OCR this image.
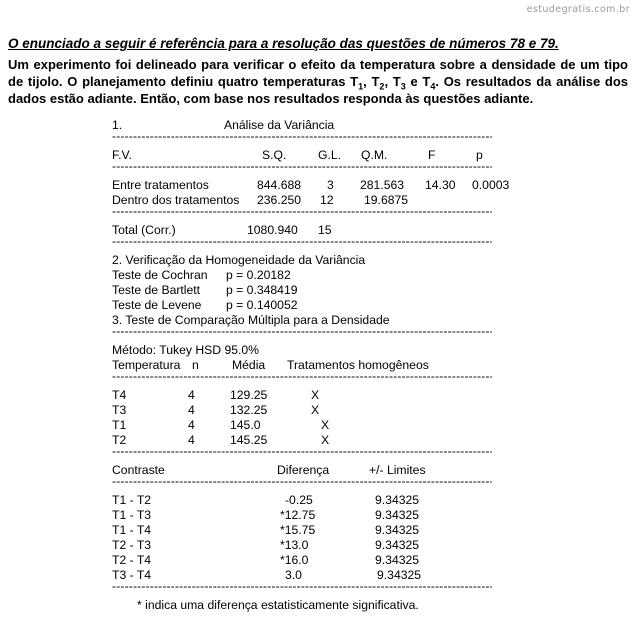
estudegratis.com.br
O enunciado a seguir é referência para a resolução das questões de números 78 e 79.

Um experimento foi delineado para verificar o efeito da temperatura sobre a densidade de um tipo de tijolo. O planejamento definiu quatro temperaturas $T_1$, $T_2$, $T_3$ e $T_4$. Os resultados da análise dos dados estão adiante. Então, com base nos resultados responda às questões adiante.

1.	Análise da Variância
-----
F.V.	S.Q.	G.L. Q.M.	F	p
-----
Entre tratamentos	844.688 3 281.563 14.30 0.0003
Dentro dos tratamentos 236.250 12 19.6875
-----
Total (Corr.)	1080.940 15
-----
2. Verificação da Homogeneidade da Variância
Teste de Cochran p = 0.20182
Teste de Bartlett p = 0.348419
Teste de Levene p = 0.140052
3. Teste de Comparação Múltipla para a Densidade
-----
Método: Tukey HSD 95.0%
Temperatura n	Média Tratamentos homogêneos
-----
T4	4	129.25	X
T3	4	132.25	X
T1	4	145.0	X
T2	4	145.25	X
-----
Contraste	Diferença	+/- Limites
-----
T1 - T2	-0.25	9.34325
T1 - T3	*12.75	9.34325
T1 - T4	*15.75	9.34325
T2 - T3	*13.0	9.34325
T2 - T4	*16.0	9.34325
T3 - T4	3.0	9.34325
-----
* indica uma diferença estatisticamente significativa.
